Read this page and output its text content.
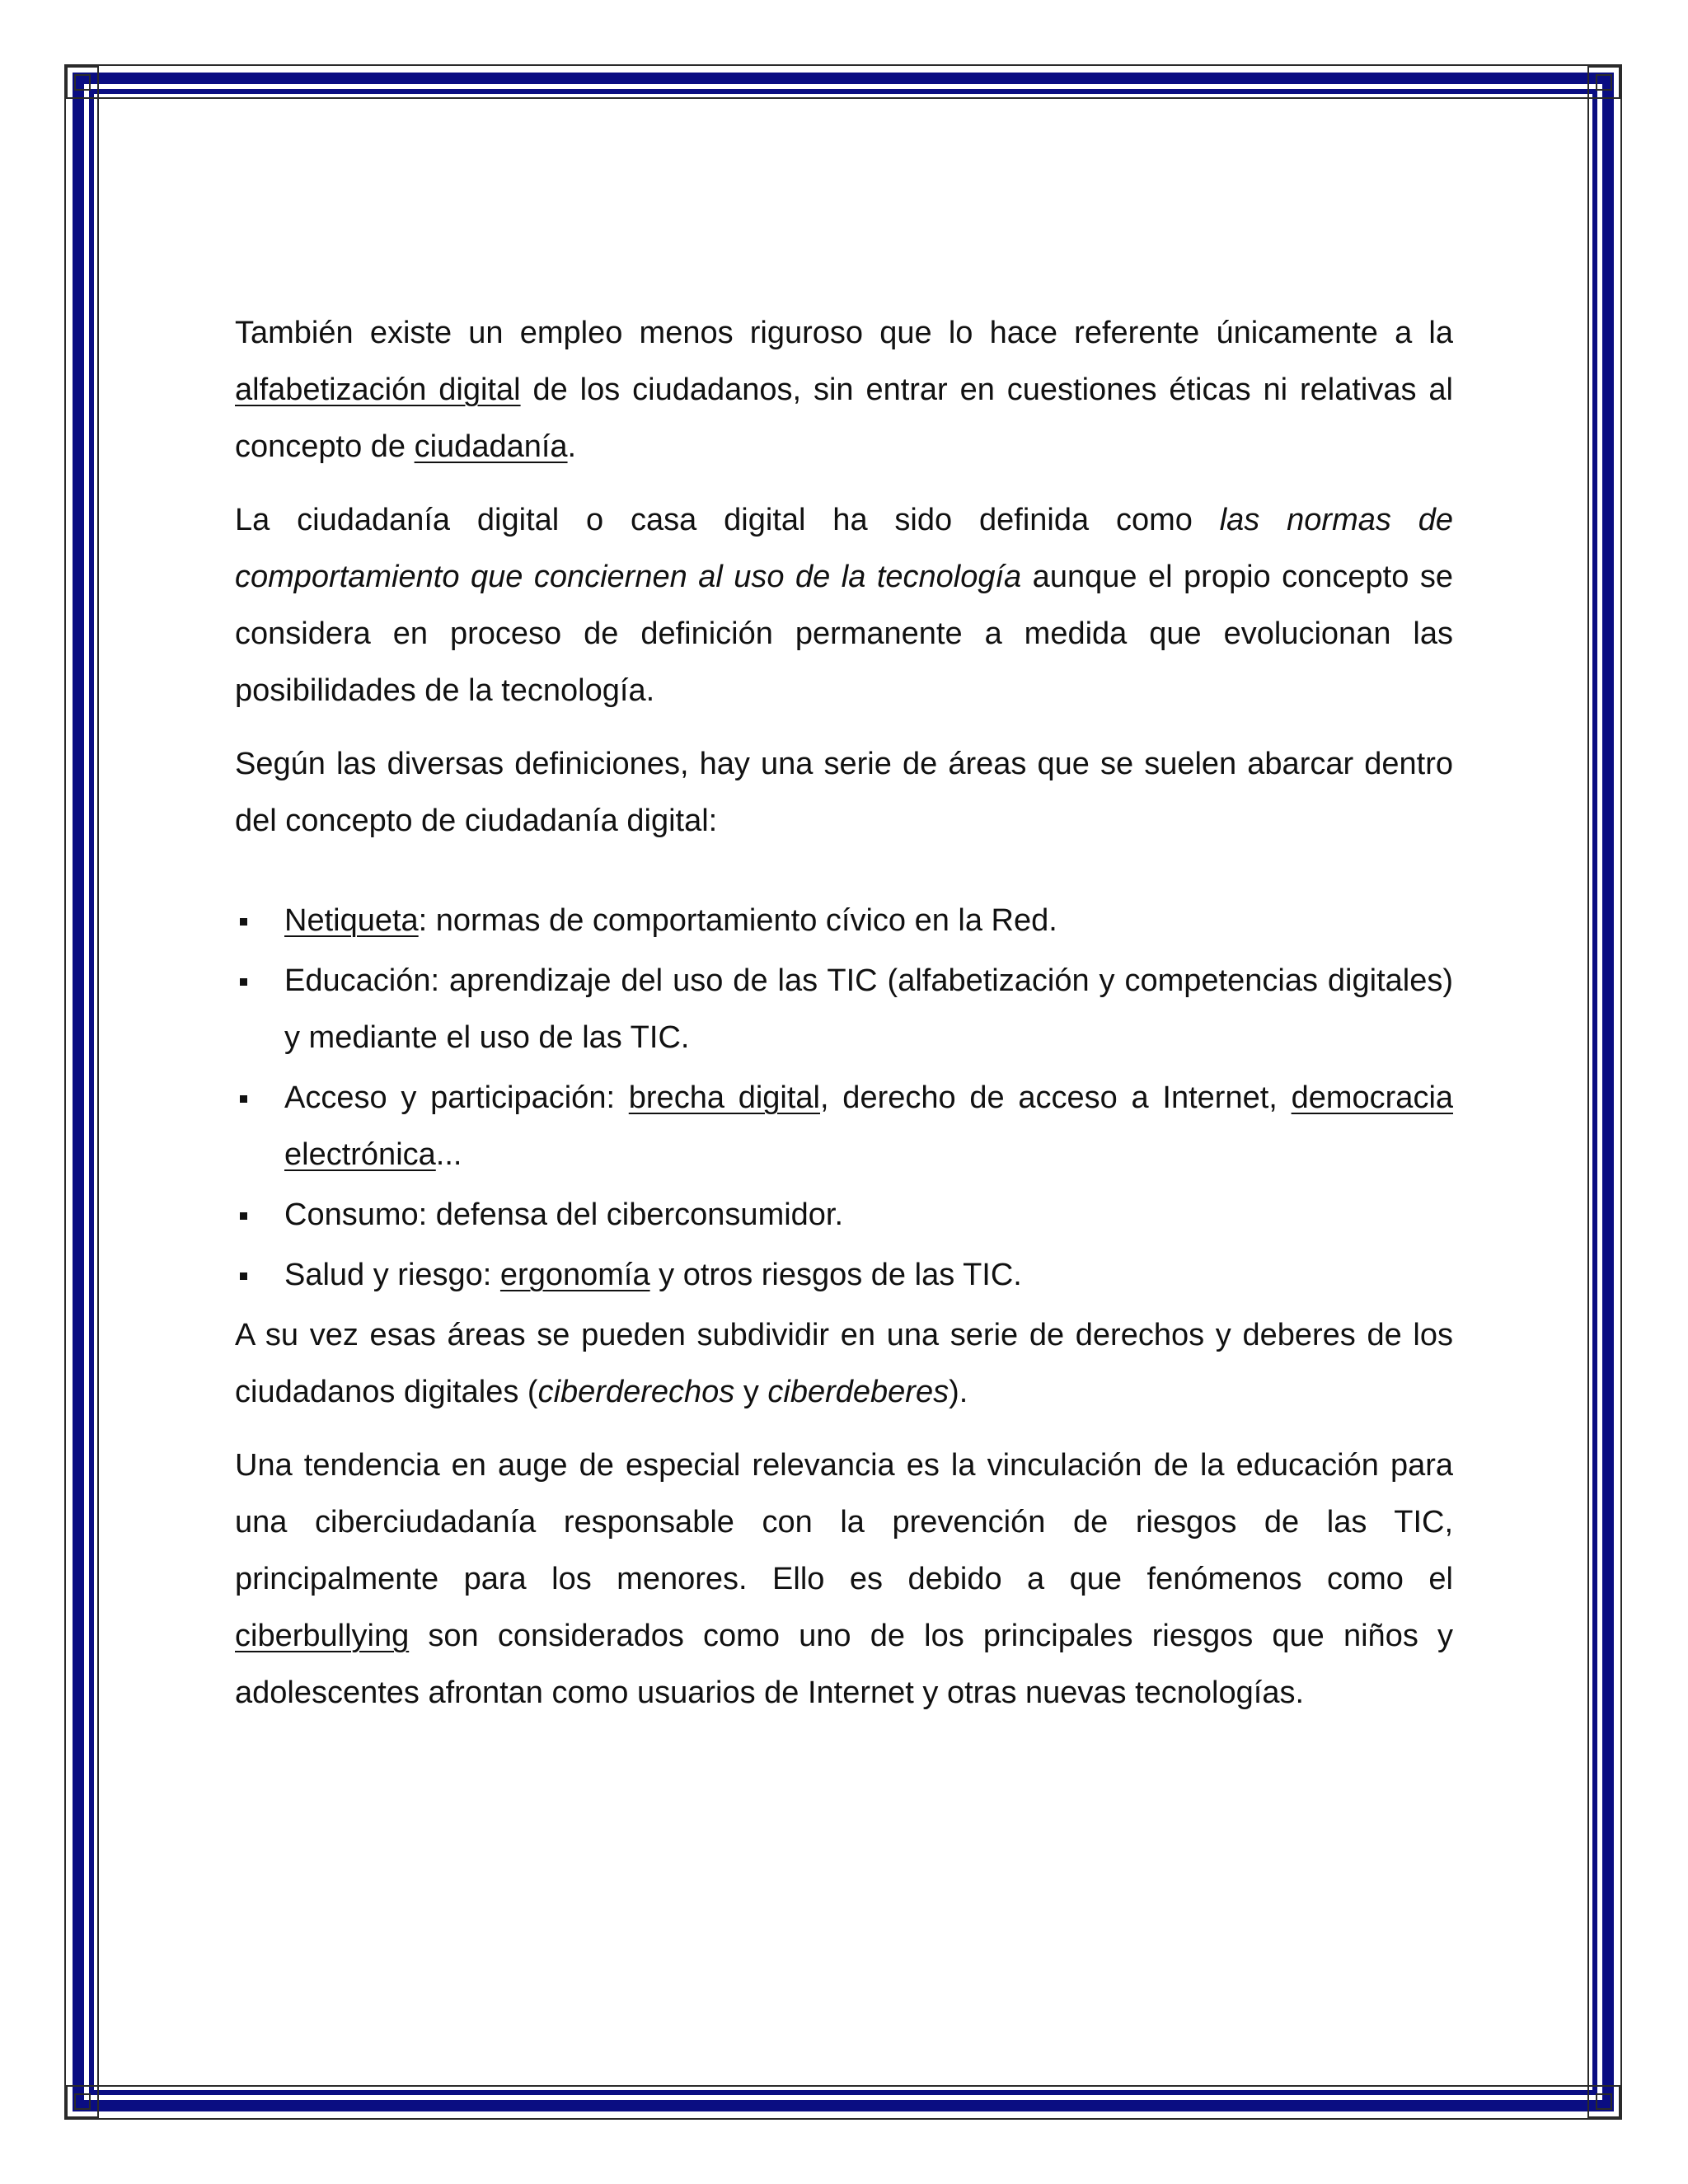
También existe un empleo menos riguroso que lo hace referente únicamente a la alfabetización digital de los ciudadanos, sin entrar en cuestiones éticas ni relativas al concepto de ciudadanía.

La ciudadanía digital o casa digital ha sido definida como las normas de comportamiento que conciernen al uso de la tecnología aunque el propio concepto se considera en proceso de definición permanente a medida que evolucionan las posibilidades de la tecnología.

Según las diversas definiciones, hay una serie de áreas que se suelen abarcar dentro del concepto de ciudadanía digital:

Netiqueta: normas de comportamiento cívico en la Red.
Educación: aprendizaje del uso de las TIC (alfabetización y competencias digitales) y mediante el uso de las TIC.
Acceso y participación: brecha digital, derecho de acceso a Internet, democracia electrónica...
Consumo: defensa del ciberconsumidor.
Salud y riesgo: ergonomía y otros riesgos de las TIC.

A su vez esas áreas se pueden subdividir en una serie de derechos y deberes de los ciudadanos digitales (ciberderechos y ciberdeberes).

Una tendencia en auge de especial relevancia es la vinculación de la educación para una ciberciudadanía responsable con la prevención de riesgos de las TIC, principalmente para los menores. Ello es debido a que fenómenos como el ciberbullying son considerados como uno de los principales riesgos que niños y adolescentes afrontan como usuarios de Internet y otras nuevas tecnologías.
